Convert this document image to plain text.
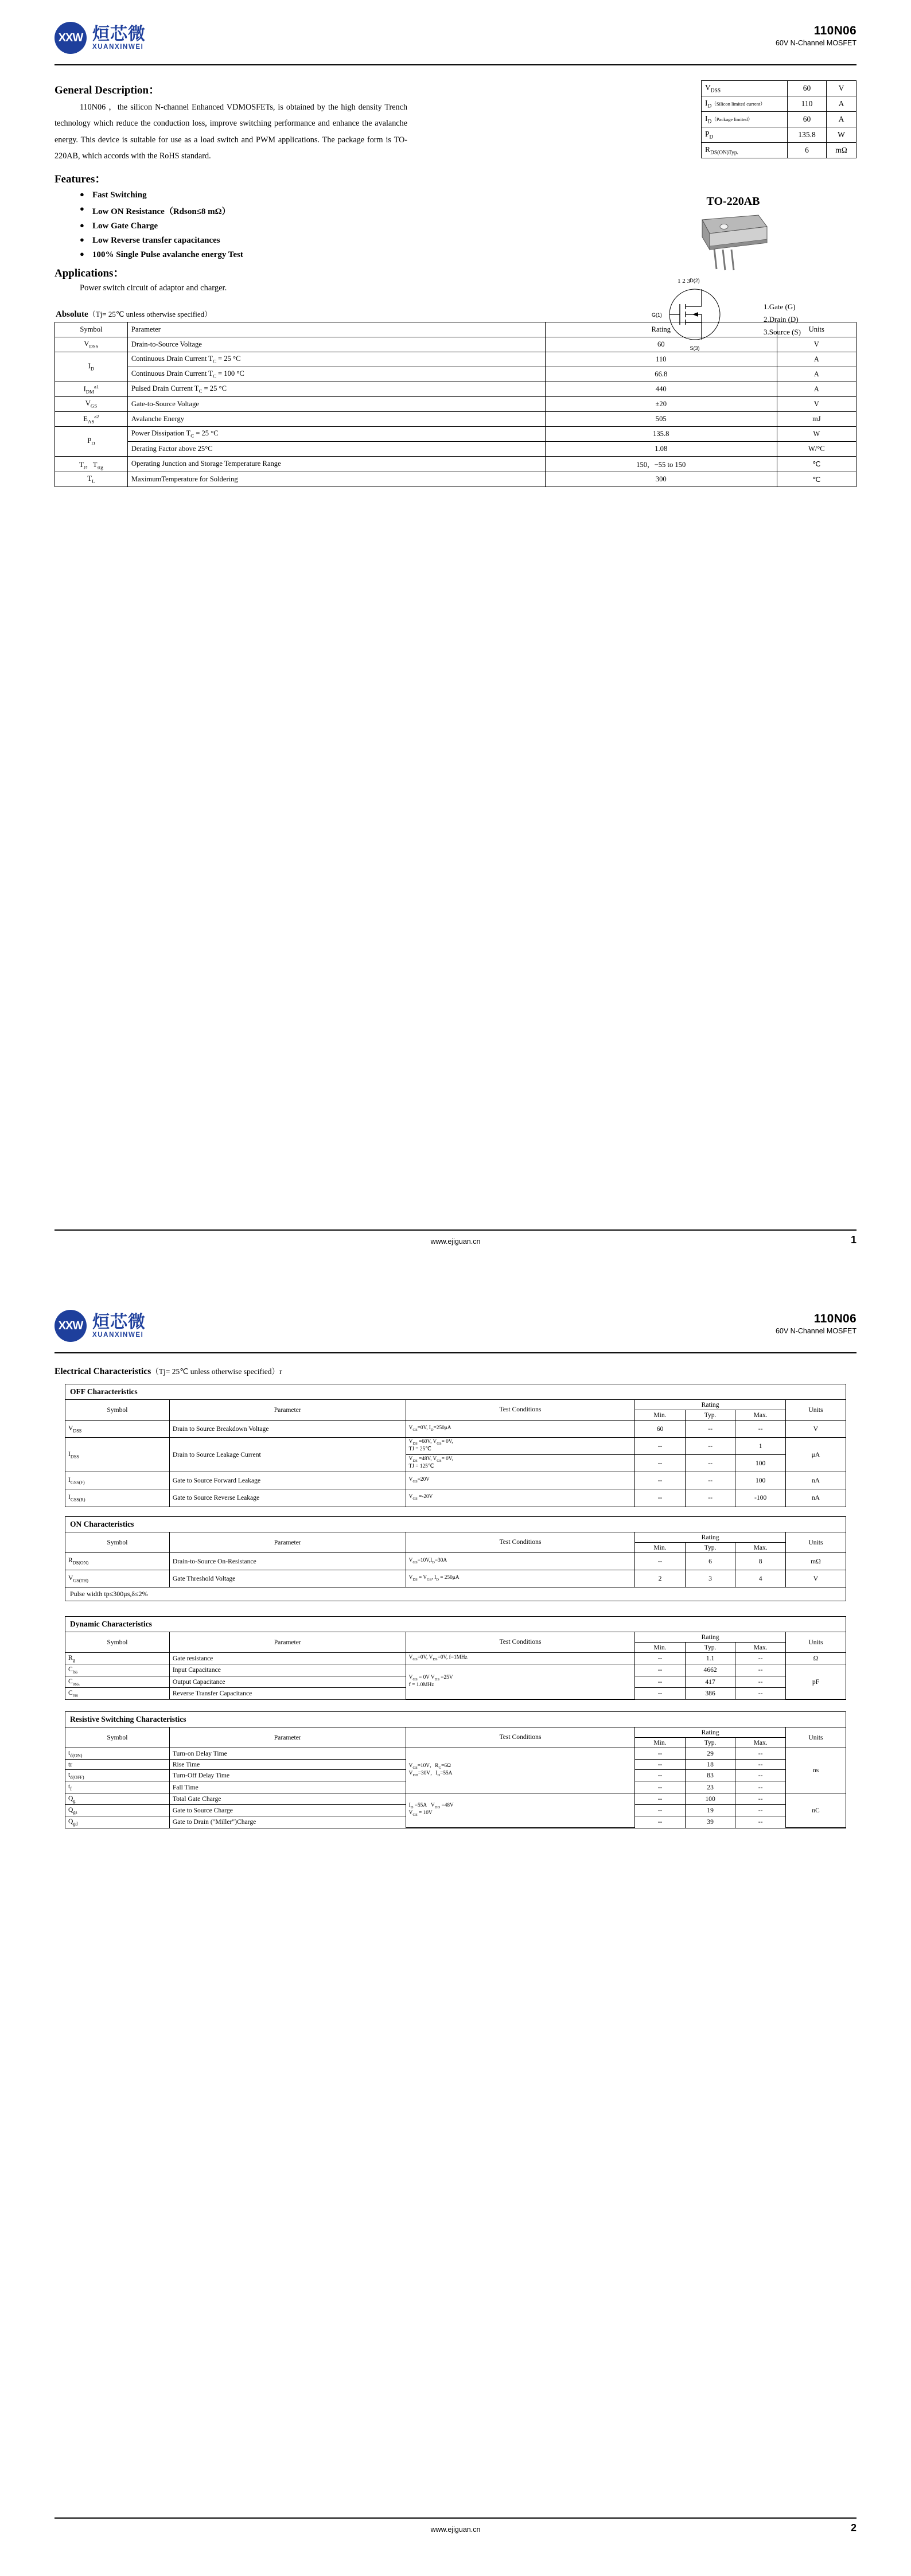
XXW 烜芯微
XUANXINWEI
110N06
60V N-Channel MOSFET
General Description：

110N06 ，the silicon N-channel Enhanced VDMOSFETs, is obtained by the high density Trench technology which reduce the conduction loss, improve switching performance and enhance the avalanche energy. This device is suitable for use as a load switch and PWM applications. The package form is TO-220AB, which accords with the RoHS standard.

$V_{DSS}$	60	V
$I_D(Silicon$ limited current）	110	A
$I_D(Package$ limited）	60	A
$P_D$	135.8	W
$R_{DS(ON)Typ.}$	6	mΩ
TO-220AB
1 2 3 D(2)
S(3)
G(1)
1.Gate (G)
2.Drain (D)
3.Source (S)
Features：
● Fast Switching
● Low ON Resistance（Rdson≤8 mΩ）
● Low Gate Charge
● Low Reverse transfer capacitances
● 100% Single Pulse avalanche energy Test
Applications：

Power switch circuit of adaptor and charger.

Absolute（Tj= 25℃ unless otherwise specified）
Symbol	Parameter	Rating	Units
$V_{DSS}$	Drain-to-Source Voltage	60	V
$I_D$	Continuous Drain Current $T_C = 25$ °C	110	A
	Continuous Drain Current $T_C = 100$ °C	66.8	A
$I_{DM}^{a1}$	Pulsed Drain Current $T_C = 25$ °C	440	A
$V_{GS}$	Gate-to-Source Voltage	±20	V
$E_{AS}^{a2}$	Avalanche Energy	505	mJ
$P_D$	Power Dissipation $T_C = 25$ °C	135.8	W
	Derating Factor above 25°C	1.08	W/°C
$T_J$，$T_{stg}$	Operating Junction and Storage Temperature Range	150，−55 to 150	℃
$T_L$	MaximumTemperature for Soldering	300	℃
www.ejiguan.cn	1
XXW 烜芯微
XUANXINWEI
110N06
60V N-Channel MOSFET
Electrical Characteristics（Tj= 25℃ unless otherwise specified）r
OFF Characteristics
Symbol	Parameter	Test Conditions	Rating			Units
			Min.	Typ.	Max.	
$V_{DSS}$	Drain to Source Breakdown Voltage	$V_{GS}=0V$, $I_D=250\mu A$	60	--	--	V
$I_{DSS}$	Drain to Source Leakage Current	$V_{DS} =60V$, $V_{GS}= 0V$,
TJ = 25℃	--	--	1	μA
		$V_{DS} =48V$, $V_{GS}= 0V$,
TJ = 125℃	--	--	100	
$I_{GSS(F)}$	Gate to Source Forward Leakage	$V_{GS}=20V$	--	--	100	nA
$I_{GSS(R)}$	Gate to Source Reverse Leakage	$V_{GS} =-20V$	--	--	-100	nA
ON Characteristics
Symbol	Parameter	Test Conditions	Rating			Units
			Min.	Typ.	Max.	
$R_{DS(ON)}$	Drain-to-Source On-Resistance	$V_{GS}=10V,I_D=30A$	--	6	8	mΩ
$V_{GS(TH)}$	Gate Threshold Voltage	$V_{DS} = V_{GS}$, $I_D = 250\mu A$	2	3	4	V
Pulse width tp≤300μs,δ≤2%
Dynamic Characteristics
Symbol	Parameter	Test Conditions	Rating			Units
			Min.	Typ.	Max.	
$R_g$	Gate resistance	$V_{GS}=0V$, $V_{DS}=0V$, f=1MHz	--	1.1	--	Ω
$C_{iss}$	Input Capacitance	$V_{GS} = 0V$ $V_{DS} =25V$
f = 1.0MHz	--	4662	--	pF
$C_{oss.}$	Output Capacitance		--	417	--	
$C_{rss}$	Reverse Transfer Capacitance		--	386	--	
Resistive Switching Characteristics
Symbol	Parameter	Test Conditions	Rating			Units
			Min.	Typ.	Max.	
$t_{d(ON)}$	Turn-on Delay Time	$V_{GS}=10V$，$R_G=6\Omega$
$V_{DD}=30V$，$I_D=55A$	--	29	--	ns
tr	Rise Time		--	18	--	
$t_{d(OFF)}$	Turn-Off Delay Time		--	83	--	
$t_f$	Fall Time		--	23	--	
$Q_g$	Total Gate Charge	$I_D =55A$   $V_{DD} =48V$
$V_{GS} = 10V$	--	100	--	nC
$Q_{gs}$	Gate to Source Charge		--	19	--	
$Q_{gd}$	Gate to Drain ("Miller")Charge		--	39	--	
www.ejiguan.cn	2
